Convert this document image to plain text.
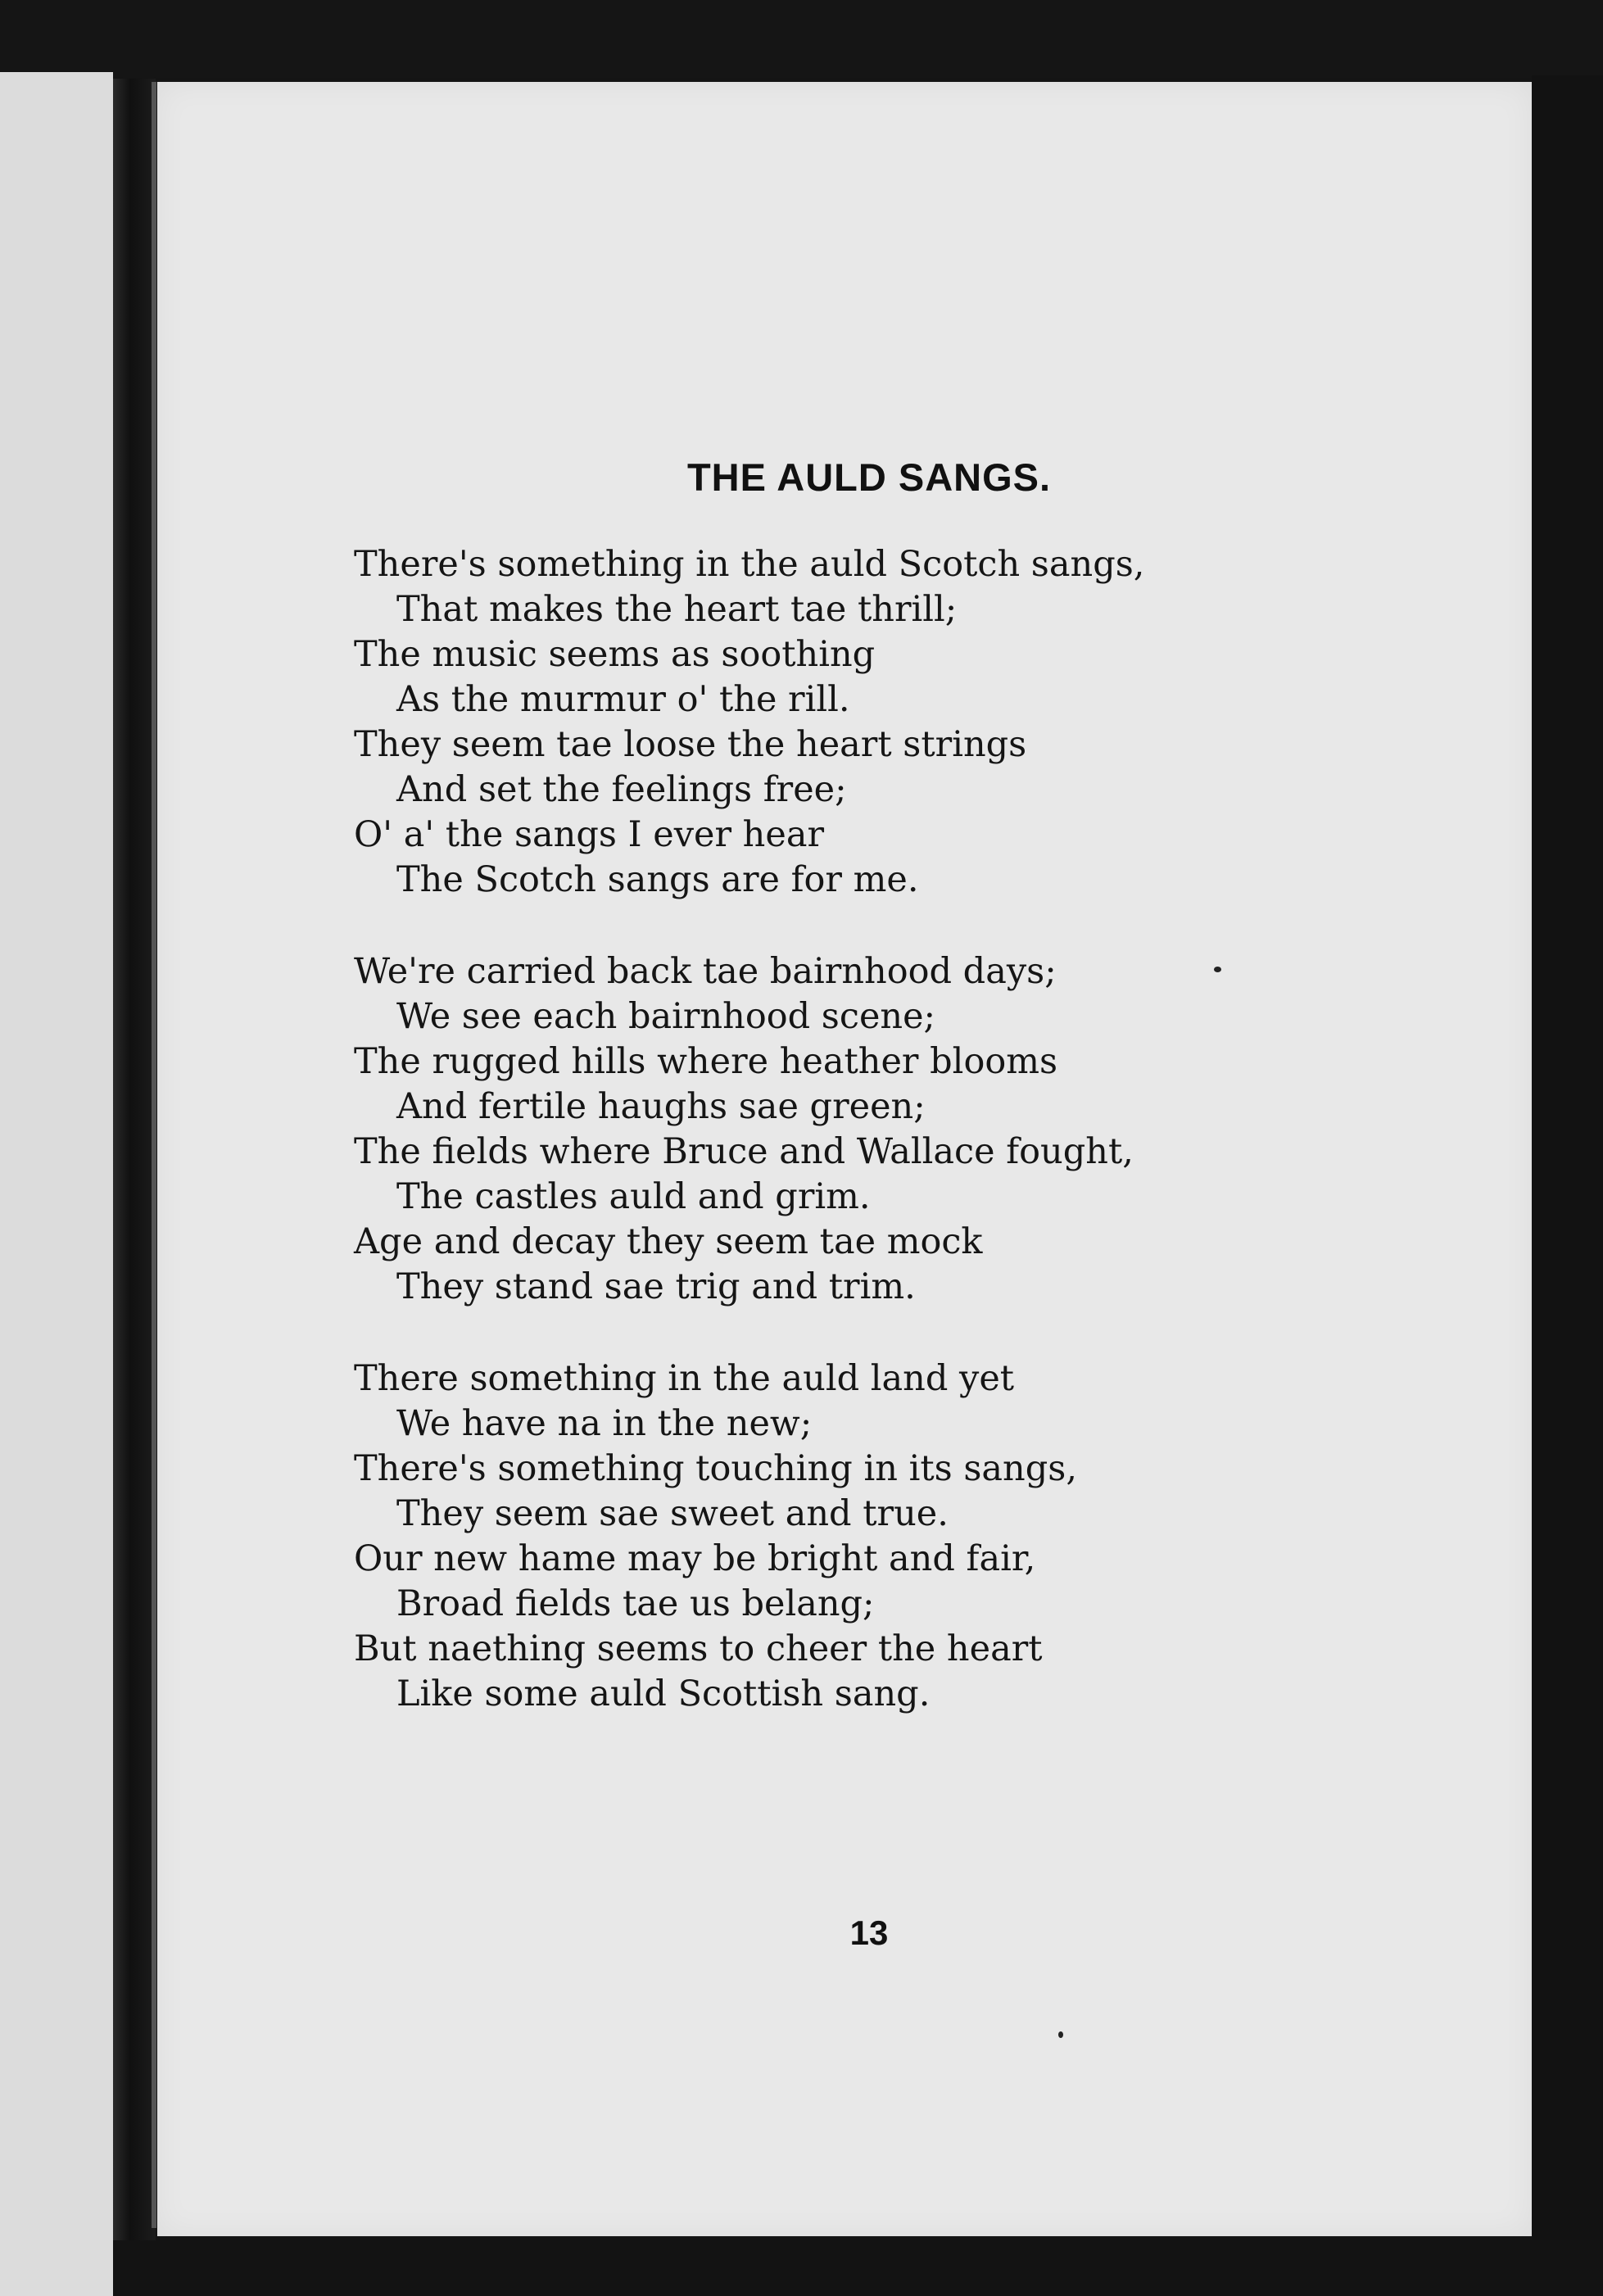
THE AULD SANGS.
There's something in the auld Scotch sangs,
That makes the heart tae thrill;
The music seems as soothing
As the murmur o' the rill.
They seem tae loose the heart strings
And set the feelings free;
O' a' the sangs I ever hear
The Scotch sangs are for me.
We're carried back tae bairnhood days;
We see each bairnhood scene;
The rugged hills where heather blooms
And fertile haughs sae green;
The fields where Bruce and Wallace fought,
The castles auld and grim.
Age and decay they seem tae mock
They stand sae trig and trim.
There something in the auld land yet
We have na in the new;
There's something touching in its sangs,
They seem sae sweet and true.
Our new hame may be bright and fair,
Broad fields tae us belang;
But naething seems to cheer the heart
Like some auld Scottish sang.
13
